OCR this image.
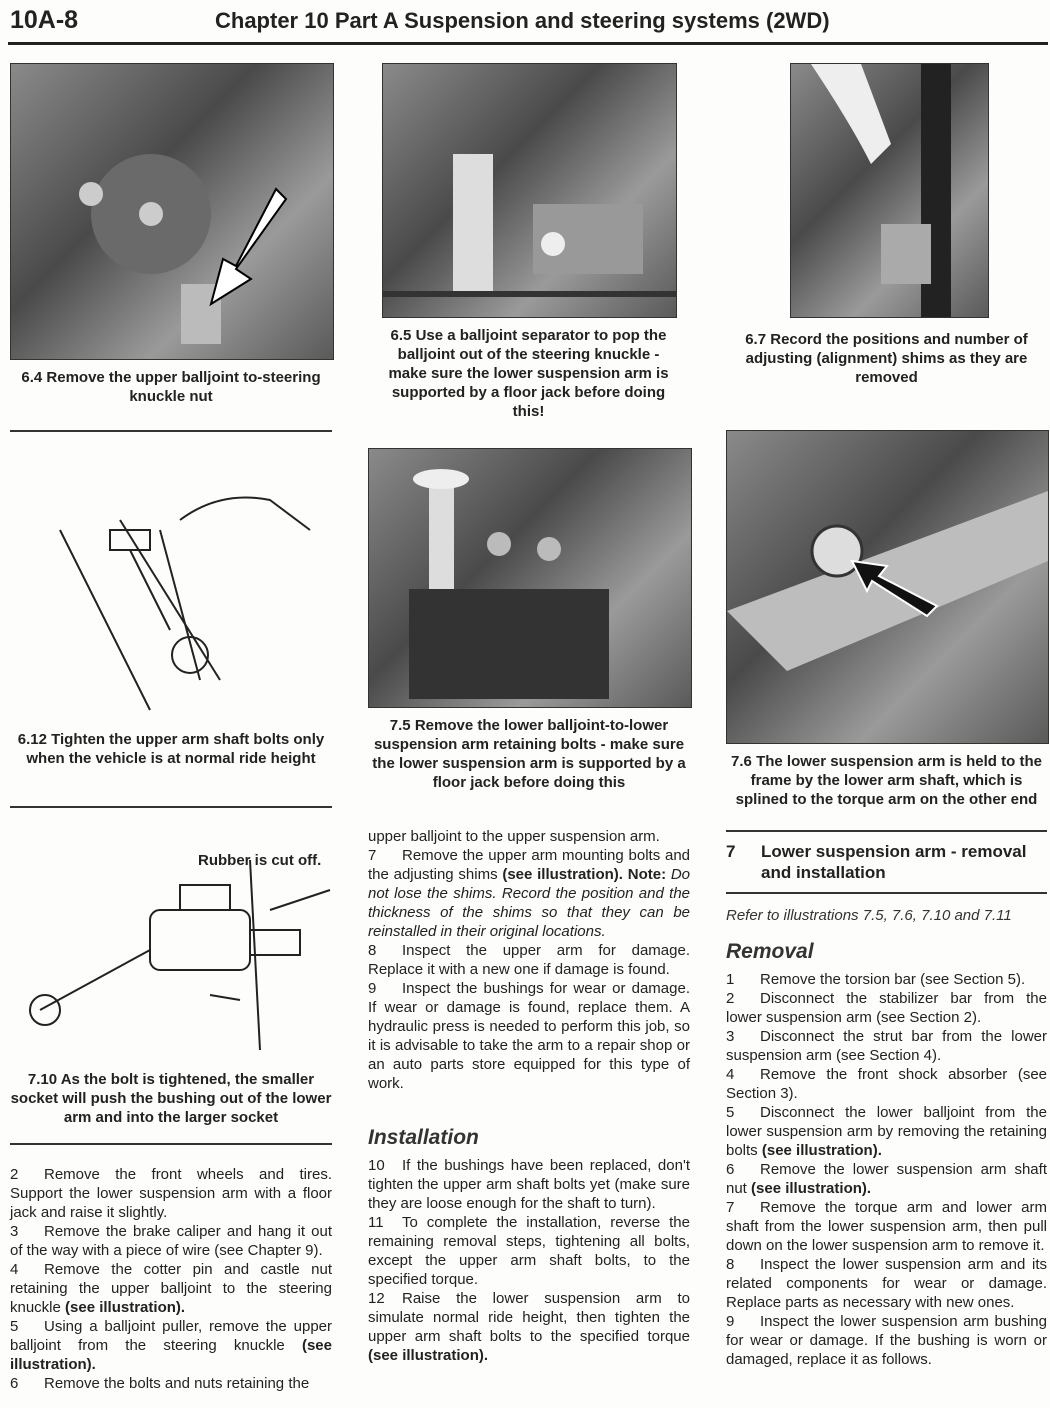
10A-8	Chapter 10 Part A Suspension and steering systems (2WD)
6.4 Remove the upper balljoint to-steering knuckle nut
6.12 Tighten the upper arm shaft bolts only when the vehicle is at normal ride height
Rubber is cut off.
7.10 As the bolt is tightened, the smaller socket will push the bushing out of the lower arm and into the larger socket

2 Remove the front wheels and tires. Support the lower suspension arm with a floor jack and raise it slightly.

3 Remove the brake caliper and hang it out of the way with a piece of wire (see Chapter 9).

4 Remove the cotter pin and castle nut retaining the upper balljoint to the steering knuckle (see illustration).

5 Using a balljoint puller, remove the upper balljoint from the steering knuckle (see illustration).

6 Remove the bolts and nuts retaining the

6.5 Use a balljoint separator to pop the balljoint out of the steering knuckle - make sure the lower suspension arm is supported by a floor jack before doing this!
7.5 Remove the lower balljoint-to-lower suspension arm retaining bolts - make sure the lower suspension arm is supported by a floor jack before doing this

upper balljoint to the upper suspension arm.

7 Remove the upper arm mounting bolts and the adjusting shims (see illustration). Note: Do not lose the shims. Record the position and the thickness of the shims so that they can be reinstalled in their original locations.

8 Inspect the upper arm for damage. Replace it with a new one if damage is found.

9 Inspect the bushings for wear or damage. If wear or damage is found, replace them. A hydraulic press is needed to perform this job, so it is advisable to take the arm to a repair shop or an auto parts store equipped for this type of work.

Installation

10 If the bushings have been replaced, don't tighten the upper arm shaft bolts yet (make sure they are loose enough for the shaft to turn).

11 To complete the installation, reverse the remaining removal steps, tightening all bolts, except the upper arm shaft bolts, to the specified torque.

12 Raise the lower suspension arm to simulate normal ride height, then tighten the upper arm shaft bolts to the specified torque (see illustration).

6.7 Record the positions and number of adjusting (alignment) shims as they are removed
7.6 The lower suspension arm is held to the frame by the lower arm shaft, which is splined to the torque arm on the other end
7	Lower suspension arm - removal and installation
Refer to illustrations 7.5, 7.6, 7.10 and 7.11
Removal

1 Remove the torsion bar (see Section 5).

2 Disconnect the stabilizer bar from the lower suspension arm (see Section 2).

3 Disconnect the strut bar from the lower suspension arm (see Section 4).

4 Remove the front shock absorber (see Section 3).

5 Disconnect the lower balljoint from the lower suspension arm by removing the retaining bolts (see illustration).

6 Remove the lower suspension arm shaft nut (see illustration).

7 Remove the torque arm and lower arm shaft from the lower suspension arm, then pull down on the lower suspension arm to remove it.

8 Inspect the lower suspension arm and its related components for wear or damage. Replace parts as necessary with new ones.

9 Inspect the lower suspension arm bushing for wear or damage. If the bushing is worn or damaged, replace it as follows.
